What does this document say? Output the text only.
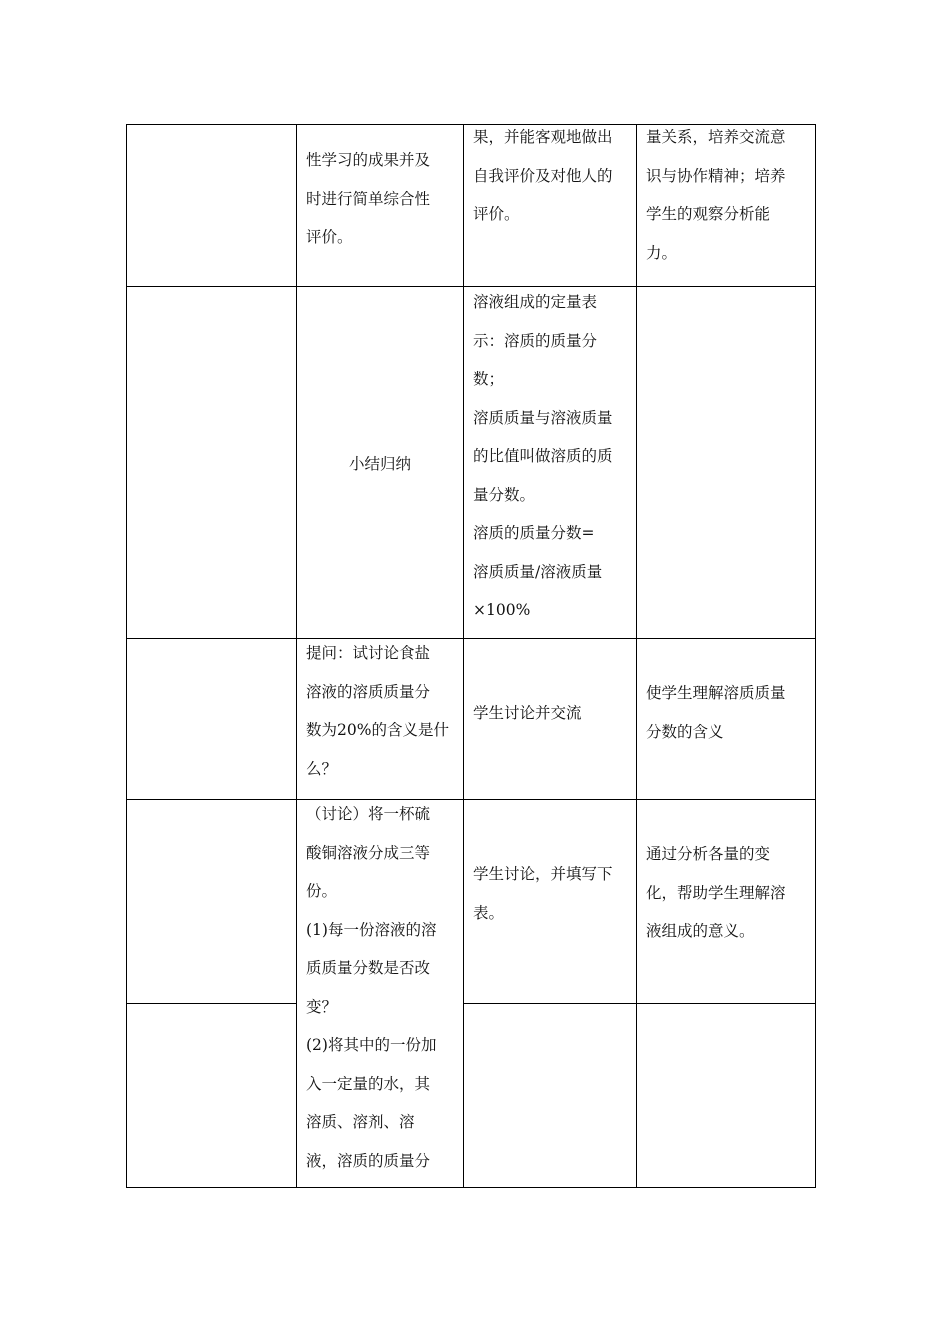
性学习的成果并及

时进行简单综合性

评价。

果，并能客观地做出

自我评价及对他人的

评价。

量关系，培养交流意

识与协作精神；培养

学生的观察分析能

力。

小结归纳

溶液组成的定量表

示：溶质的质量分

数；

溶质质量与溶液质量

的比值叫做溶质的质

量分数。

溶质的质量分数=

溶质质量/溶液质量

×100%

提问：试讨论食盐

溶液的溶质质量分

数为20%的含义是什

么？

学生讨论并交流

使学生理解溶质质量

分数的含义

（讨论）将一杯硫

酸铜溶液分成三等

份。

(1)每一份溶液的溶

质质量分数是否改

变？

(2)将其中的一份加

入一定量的水，其

溶质、溶剂、溶

液，溶质的质量分

学生讨论，并填写下

表。

通过分析各量的变

化，帮助学生理解溶

液组成的意义。
